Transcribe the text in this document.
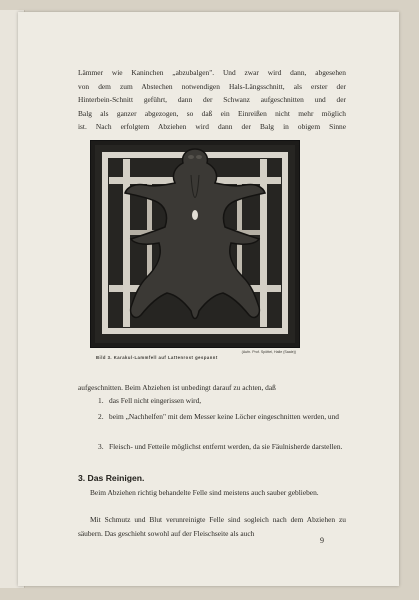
Lämmer wie Kaninchen „abzubalgen". Und zwar wird dann, abgesehen
von dem zum Abstechen notwendigen Hals-Längsschnitt, als erster der
Hinterbein-Schnitt geführt, dann der Schwanz aufgeschnitten und der
Balg als ganzer abgezogen, so daß ein Einreißen nicht mehr möglich
ist. Nach erfolgtem Abziehen wird dann der Balg in obigem Sinne
(Aufn. Prof. Spöttel, Halle (Saale))
Bild 3. Karakul-Lammfell auf Lattenrost gespannt
aufgeschnitten. Beim Abziehen ist unbedingt darauf zu achten, daß
1. das Fell nicht eingerissen wird,
2. beim „Nachhelfen" mit dem Messer keine Löcher eingeschnitten werden, und
3. Fleisch- und Fetteile möglichst entfernt werden, da sie Fäulnisherde darstellen.
3. Das Reinigen.
Beim Abziehen richtig behandelte Felle sind meistens auch sauber geblieben.
Mit Schmutz und Blut verunreinigte Felle sind sogleich nach dem Abziehen zu säubern. Das geschieht sowohl auf der Fleischseite als auch
9
